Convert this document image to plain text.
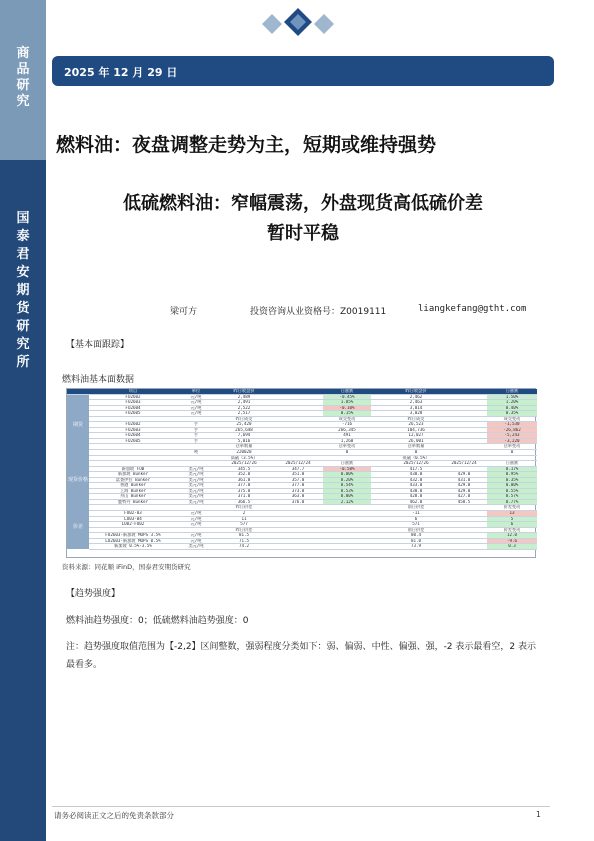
商
品
研
究
国
泰
君
安
期
货
研
究
所
2025 年 12 月 29 日
燃料油：夜盘调整走势为主，短期或维持强势
低硫燃料油：窄幅震荡，外盘现货高低硫价差
暂时平稳
梁可方	投资咨询从业资格号：Z0019111	liangkefang@gtht.com
【基本面跟踪】
燃料油基本面数据
	项目	单位	昨日收盘价		日涨跌		昨日收盘价		日涨跌
期货	FU2602	元/吨	2,489		-0.45%		2,462		1.50%
	FU2603	元/吨	2,491		1.85%		2,463		1.20%
	FU2604	元/吨	2,522		-0.10%		3,014		0.40%
	FU2605	元/吨	2,517		0.15%		3,028		0.35%
			昨日成交		成交变动		昨日成交		成交变动
	FU2602	手	25,420		-716		26,523		-1,530
	FU2603	手	265,648		266,345		104,736		-26,862
	FU2604	手	7,694		491		12,027		-5,243
	FU2605	手	5,016		1,260		26,001		-3,220
			仓单数量		仓单变动		仓单数量		仓单变动
		吨	220020		0		0		0
现货价格			高硫（3.5%）				低硫（0.5%）		
			2025/12/26	2025/12/24	日涨跌		2025/12/26	2025/12/24	日涨跌
	新加坡 FOB	美元/吨	345.5	347.7	-0.58%		417.5		0.17%
	新加坡 Bunker	美元/吨	352.0	351.0	0.00%		430.0	429.0	0.95%
	富查伊拉 Bunker	美元/吨	361.0	357.0	0.20%		432.0	431.0	0.35%
	香港 Bunker	美元/吨	377.0	377.0	0.54%		433.0	429.0	0.00%
	上海 Bunker	美元/吨	375.0	373.0	0.53%		430.0	429.0	0.55%
	舟山 Bunker	美元/吨	371.0	363.0	0.00%		428.0	427.0	0.57%
	鹿特丹 Bunker	美元/吨	366.5	376.0	2.12%		462.0	458.5	0.77%
价差			昨日价差				前日价差		价差变动
	FU02-03	元/吨	2				-11		13
	LU03-04	元/吨	11				6		5
	LU02-FU02	元/吨	577				571		6
			昨日价差				前日价差		价差变动
	FU2603-新加坡 MOPS 3.5%	元/吨	81.5				80.4		12.0
	LU2603-新加坡 MOPS 0.5%	元/吨	71.5				81.0		-9.6
	新加坡 0.5%-3.5%	美元/吨	74.2				73.9		0.3
资料来源：同花顺 iFinD，国泰君安期货研究
【趋势强度】
燃料油趋势强度：0；低硫燃料油趋势强度：0
注：趋势强度取值范围为【-2,2】区间整数，强弱程度分类如下：弱、偏弱、中性、偏强、强，-2 表示最看空，2 表示最看多。
请务必阅读正文之后的免责条款部分	1
